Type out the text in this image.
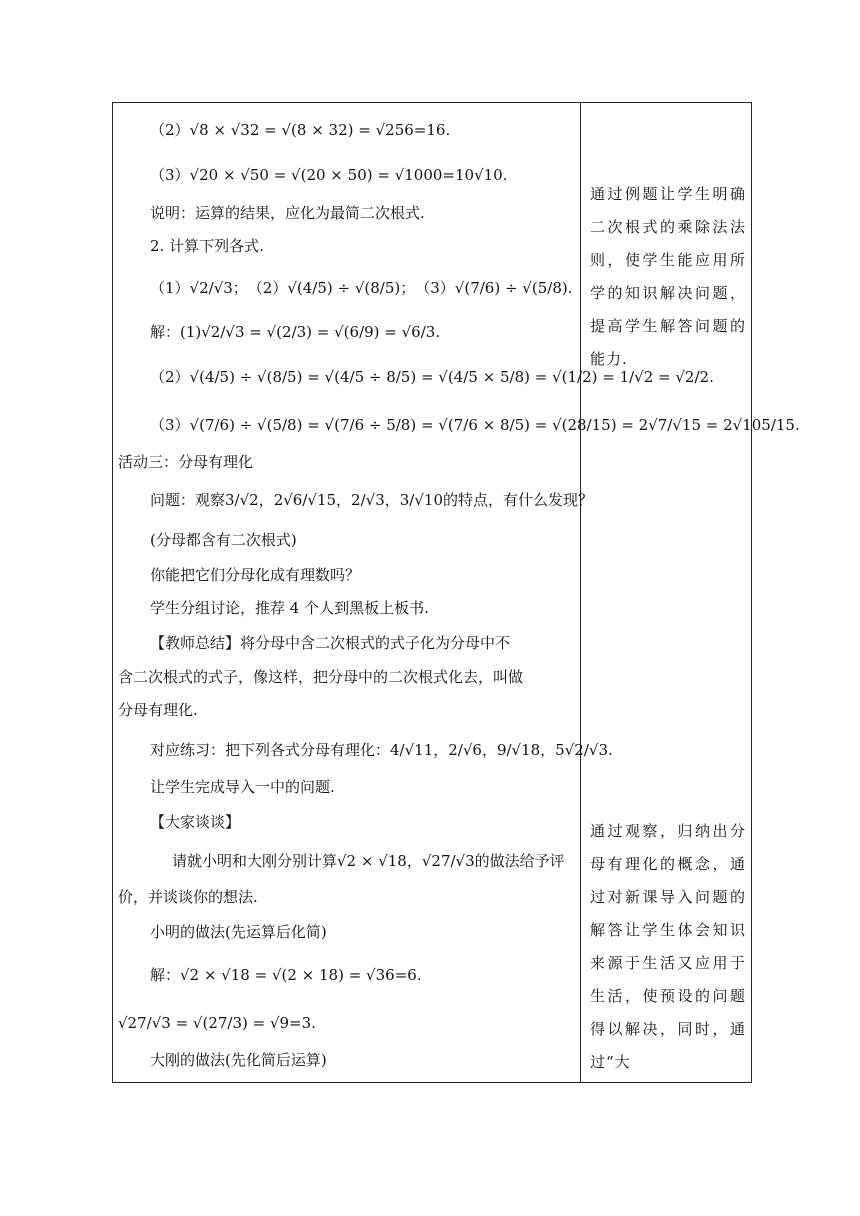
（2）√8 × √32 = √(8 × 32) = √256=16.
（3）√20 × √50 = √(20 × 50) = √1000=10√10.
说明：运算的结果，应化为最简二次根式.
2. 计算下列各式.
（1）√2/√3；　（2）√(4/5) ÷ √(8/5)；　（3）√(7/6) ÷ √(5/8).
解：(1)√2/√3 = √(2/3) = √(6/9) = √6/3.
（2）√(4/5) ÷ √(8/5) = √(4/5 ÷ 8/5) = √(4/5 × 5/8) = √(1/2) = 1/√2 = √2/2.
（3）√(7/6) ÷ √(5/8) = √(7/6 ÷ 5/8) = √(7/6 × 8/5) = √(28/15) = 2√7/√15 = 2√105/15.
活动三：分母有理化
问题：观察3/√2，2√6/√15，2/√3，3/√10的特点，有什么发现？
(分母都含有二次根式)
你能把它们分母化成有理数吗？
学生分组讨论，推荐 4 个人到黑板上板书.
【教师总结】将分母中含二次根式的式子化为分母中不
含二次根式的式子，像这样，把分母中的二次根式化去，叫做
分母有理化.
对应练习：把下列各式分母有理化：4/√11，2/√6，9/√18，5√2/√3.
让学生完成导入一中的问题.
【大家谈谈】
请就小明和大刚分别计算√2 × √18，√27/√3的做法给予评
价，并谈谈你的想法.
小明的做法(先运算后化简)
解：√2 × √18 = √(2 × 18) = √36=6.
√27/√3 = √(27/3) = √9=3.
大刚的做法(先化简后运算)

通过例题让学生明确二次根式的乘除法法则，使学生能应用所学的知识解决问题，提高学生解答问题的能力.

通过观察，归纳出分母有理化的概念，通过对新课导入问题的解答让学生体会知识来源于生活又应用于生活，使预设的问题得以解决，同时，通过“大
